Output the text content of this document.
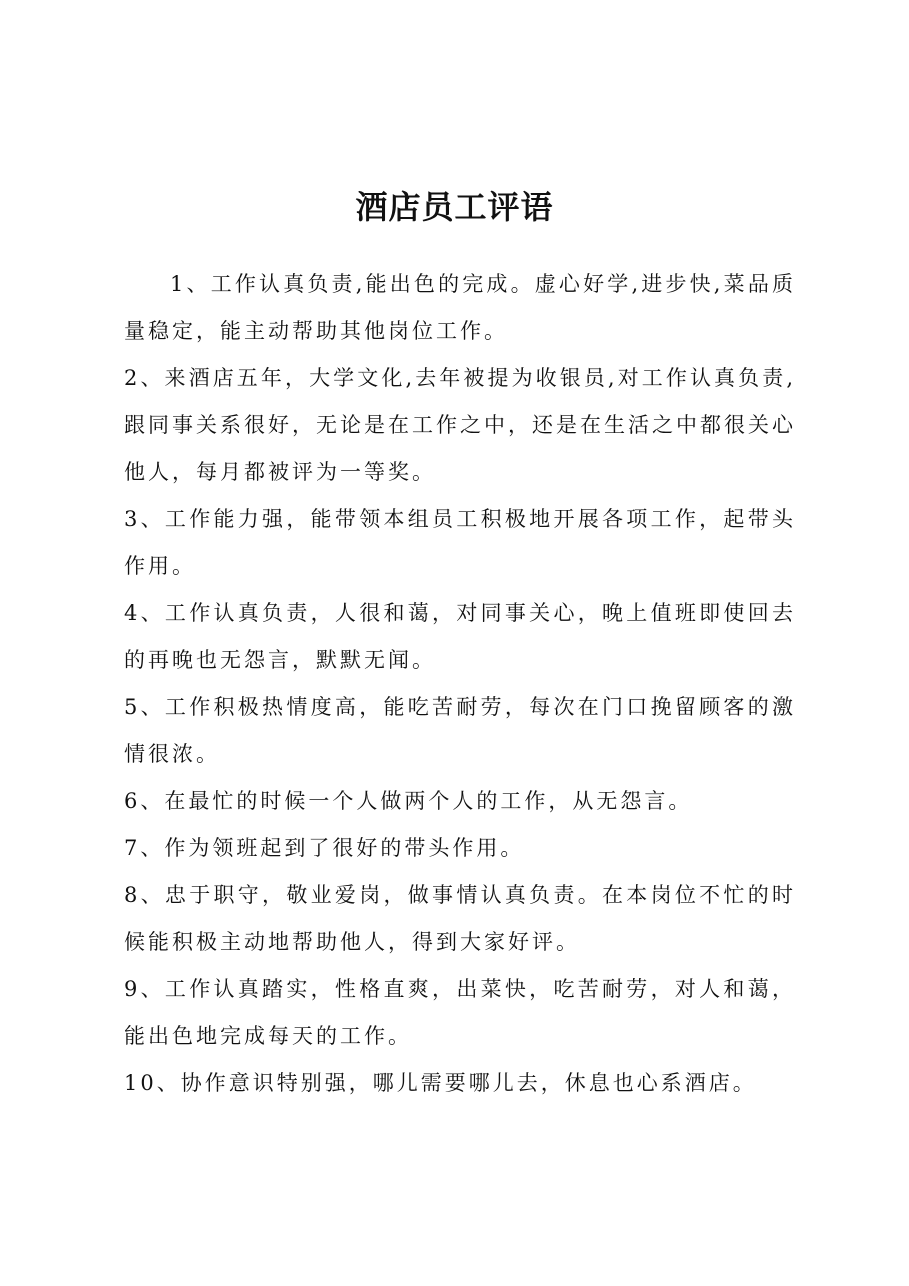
酒店员工评语

1、工作认真负责,能出色的完成。虚心好学,进步快,菜品质量稳定，能主动帮助其他岗位工作。

2、来酒店五年，大学文化,去年被提为收银员,对工作认真负责,跟同事关系很好，无论是在工作之中，还是在生活之中都很关心他人，每月都被评为一等奖。

3、工作能力强，能带领本组员工积极地开展各项工作，起带头作用。

4、工作认真负责，人很和蔼，对同事关心，晚上值班即使回去的再晚也无怨言，默默无闻。

5、工作积极热情度高，能吃苦耐劳，每次在门口挽留顾客的激情很浓。

6、在最忙的时候一个人做两个人的工作，从无怨言。

7、作为领班起到了很好的带头作用。

8、忠于职守，敬业爱岗，做事情认真负责。在本岗位不忙的时候能积极主动地帮助他人，得到大家好评。

9、工作认真踏实，性格直爽，出菜快，吃苦耐劳，对人和蔼，能出色地完成每天的工作。

10、协作意识特别强，哪儿需要哪儿去，休息也心系酒店。
